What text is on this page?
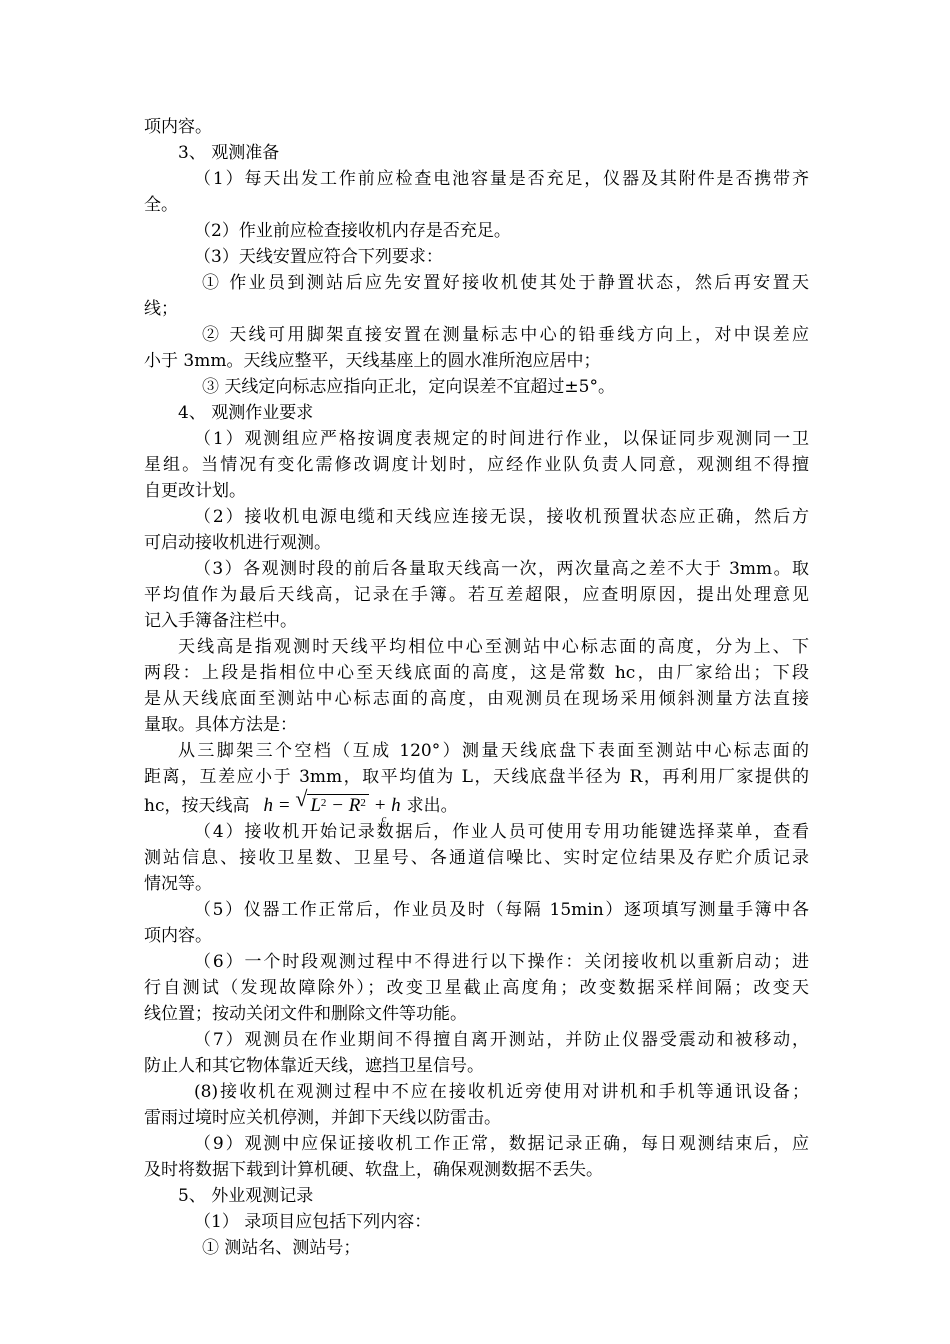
项内容。

3、 观测准备

（1）每天出发工作前应检查电池容量是否充足，仪器及其附件是否携带齐

全。

（2）作业前应检查接收机内存是否充足。

（3）天线安置应符合下列要求：

① 作业员到测站后应先安置好接收机使其处于静置状态，然后再安置天

线；

② 天线可用脚架直接安置在测量标志中心的铅垂线方向上，对中误差应

小于 3mm。天线应整平，天线基座上的圆水准所泡应居中；

③ 天线定向标志应指向正北，定向误差不宜超过±5°。

4、 观测作业要求

（1）观测组应严格按调度表规定的时间进行作业，以保证同步观测同一卫

星组。当情况有变化需修改调度计划时，应经作业队负责人同意，观测组不得擅

自更改计划。

（2）接收机电源电缆和天线应连接无误，接收机预置状态应正确，然后方

可启动接收机进行观测。

（3）各观测时段的前后各量取天线高一次，两次量高之差不大于 3mm。取

平均值作为最后天线高，记录在手簿。若互差超限，应查明原因，提出处理意见

记入手簿备注栏中。

天线高是指观测时天线平均相位中心至测站中心标志面的高度，分为上、下

两段：上段是指相位中心至天线底面的高度，这是常数 hc，由厂家给出；下段

是从天线底面至测站中心标志面的高度，由观测员在现场采用倾斜测量方法直接

量取。具体方法是：

从三脚架三个空档（互成 120°）测量天线底盘下表面至测站中心标志面的

距离，互差应小于 3mm，取平均值为 L，天线底盘半径为 R，再利用厂家提供的

hc，按天线高 h = √ $L^2 - R^2 + h$
c
求出。

（4）接收机开始记录数据后，作业人员可使用专用功能键选择菜单，查看

测站信息、接收卫星数、卫星号、各通道信噪比、实时定位结果及存贮介质记录

情况等。

（5）仪器工作正常后，作业员及时（每隔 15min）逐项填写测量手簿中各

项内容。

（6）一个时段观测过程中不得进行以下操作：关闭接收机以重新启动；进

行自测试（发现故障除外）；改变卫星截止高度角；改变数据采样间隔；改变天

线位置；按动关闭文件和删除文件等功能。

（7）观测员在作业期间不得擅自离开测站，并防止仪器受震动和被移动，

防止人和其它物体靠近天线，遮挡卫星信号。

(8)接收机在观测过程中不应在接收机近旁使用对讲机和手机等通讯设备；

雷雨过境时应关机停测，并卸下天线以防雷击。

（9）观测中应保证接收机工作正常，数据记录正确，每日观测结束后，应

及时将数据下载到计算机硬、软盘上，确保观测数据不丢失。

5、 外业观测记录

（1） 录项目应包括下列内容：

① 测站名、测站号；
